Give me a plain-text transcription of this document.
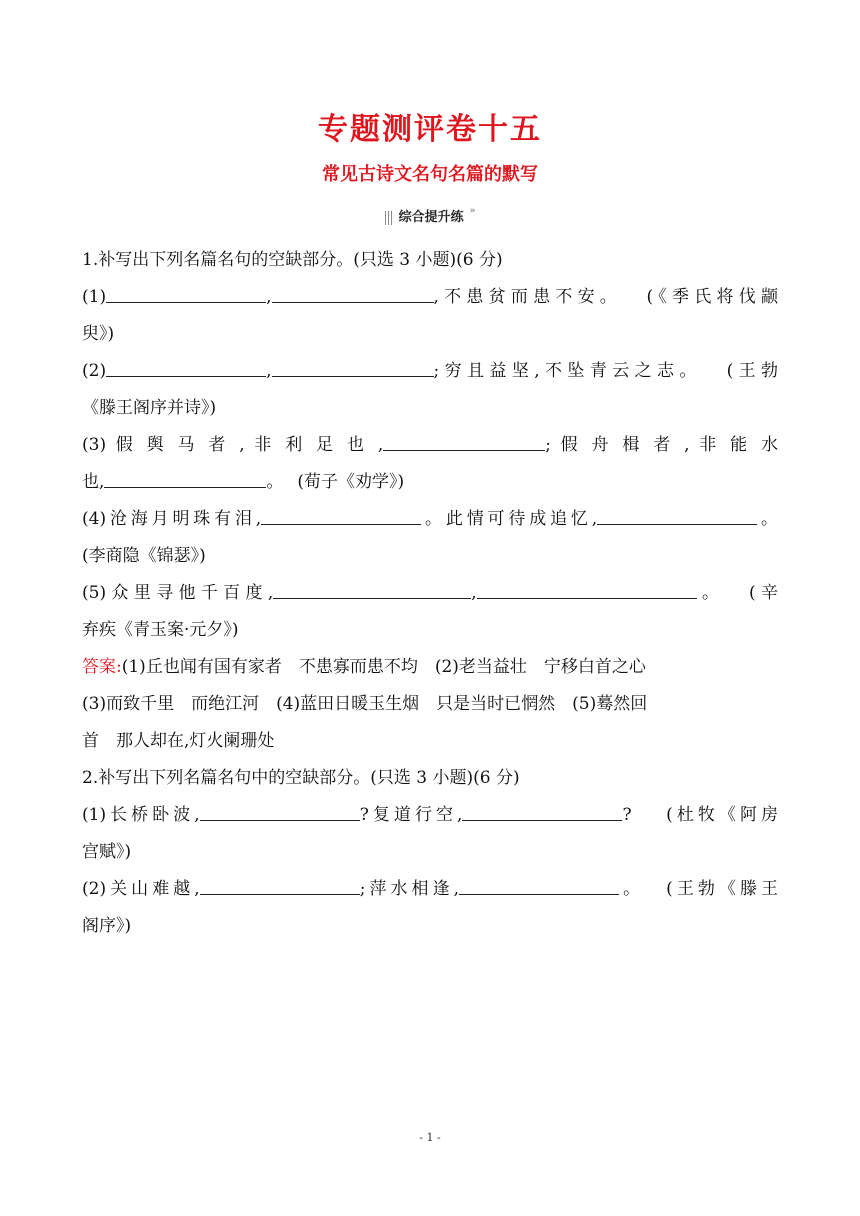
专题测评卷十五
常见古诗文名句名篇的默写
综合提升练 »
1.补写出下列名篇名句的空缺部分。(只选 3 小题)(6 分)
(1)	,	,不患贫而患不安。　 (《季氏将伐颛
臾》)
(2)	,	;穷且益坚,不坠青云之志。　 (王勃
《滕王阁序并诗》)
(3) 假 舆 马 者 , 非 利 足 也 ,	; 假 舟 楫 者 , 非 能 水
也,	。　 (荀子《劝学》)
(4)沧海月明珠有泪,	。此情可待成追忆,	。
(李商隐《锦瑟》)
(5)众里寻他千百度,	,	。　 (辛
弃疾《青玉案·元夕》)
答案:(1)丘也闻有国有家者　不患寡而患不均　(2)老当益壮　宁移白首之心
(3)而致千里　而绝江河　(4)蓝田日暖玉生烟　只是当时已惘然　(5)蓦然回
首　那人却在,灯火阑珊处
2.补写出下列名篇名句中的空缺部分。(只选 3 小题)(6 分)
(1)长桥卧波,	?复道行空,	?　 (杜牧《阿房
宫赋》)
(2)关山难越,	;萍水相逢,	。　 (王勃《滕王
阁序》)
- 1 -
